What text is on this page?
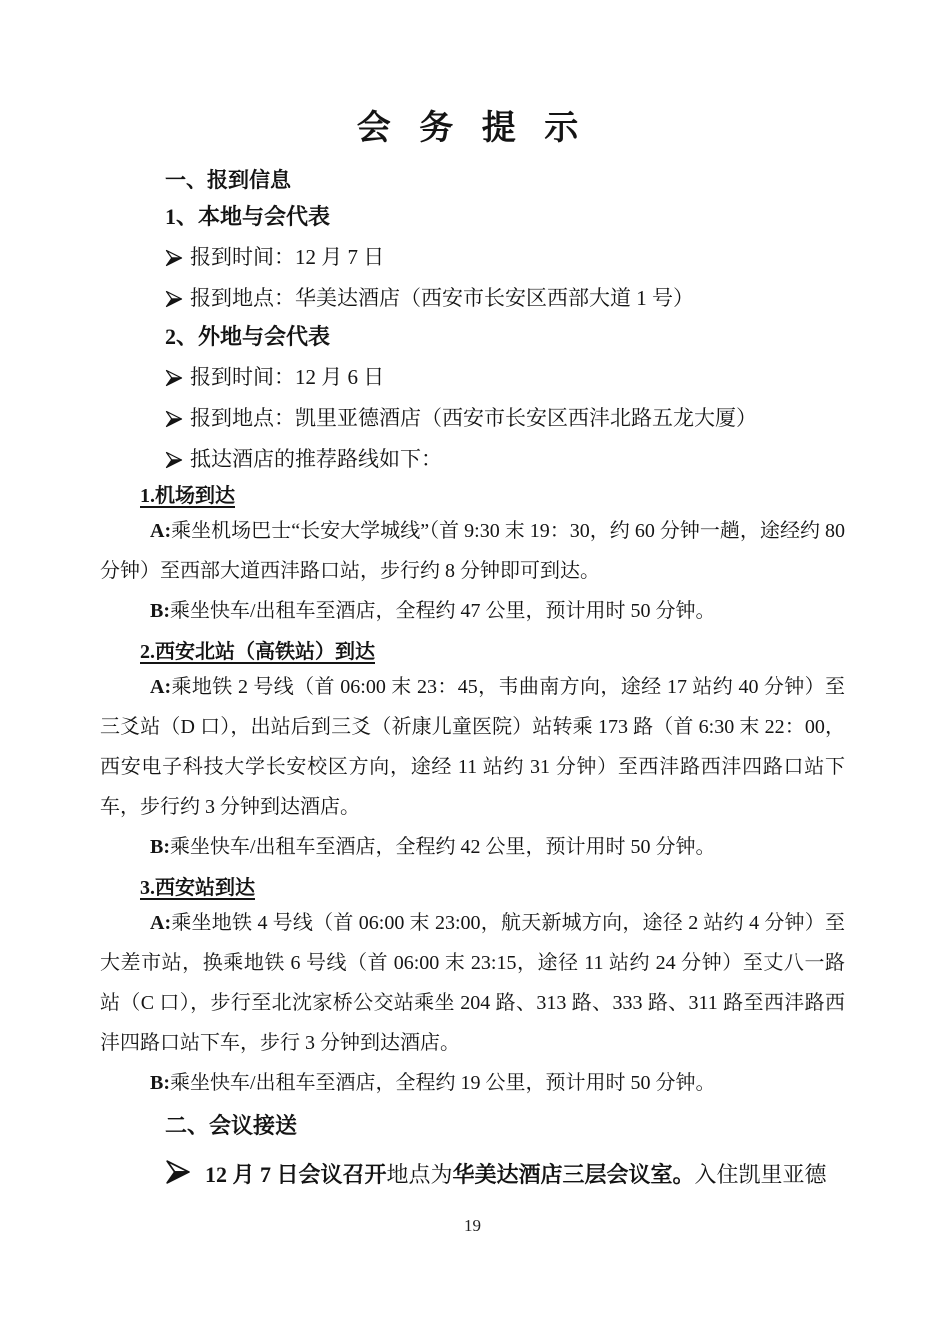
会 务 提 示
一、报到信息
1、本地与会代表
报到时间：12 月 7 日
报到地点：华美达酒店（西安市长安区西部大道 1 号）
2、外地与会代表
报到时间：12 月 6 日
报到地点：凯里亚德酒店（西安市长安区西沣北路五龙大厦）
抵达酒店的推荐路线如下：
1.机场到达

A:乘坐机场巴士“长安大学城线”（首 9:30 末 19：30，约 60 分钟一趟，途经约 80 分钟）至西部大道西沣路口站，步行约 8 分钟即可到达。

B:乘坐快车/出租车至酒店，全程约 47 公里，预计用时 50 分钟。

2.西安北站（高铁站）到达

A:乘地铁 2 号线（首 06:00 末 23：45，韦曲南方向，途经 17 站约 40 分钟）至三爻站（D 口），出站后到三爻（祈康儿童医院）站转乘 173 路（首 6:30 末 22：00，西安电子科技大学长安校区方向，途经 11 站约 31 分钟）至西沣路西沣四路口站下车，步行约 3 分钟到达酒店。

B:乘坐快车/出租车至酒店，全程约 42 公里，预计用时 50 分钟。

3.西安站到达

A:乘坐地铁 4 号线（首 06:00 末 23:00，航天新城方向，途径 2 站约 4 分钟）至大差市站，换乘地铁 6 号线（首 06:00 末 23:15，途径 11 站约 24 分钟）至丈八一路站（C 口），步行至北沈家桥公交站乘坐 204 路、313 路、333 路、311 路至西沣路西沣四路口站下车，步行 3 分钟到达酒店。

B:乘坐快车/出租车至酒店，全程约 19 公里，预计用时 50 分钟。

二、会议接送
12 月 7 日会议召开地点为华美达酒店三层会议室。入住凯里亚德
19
